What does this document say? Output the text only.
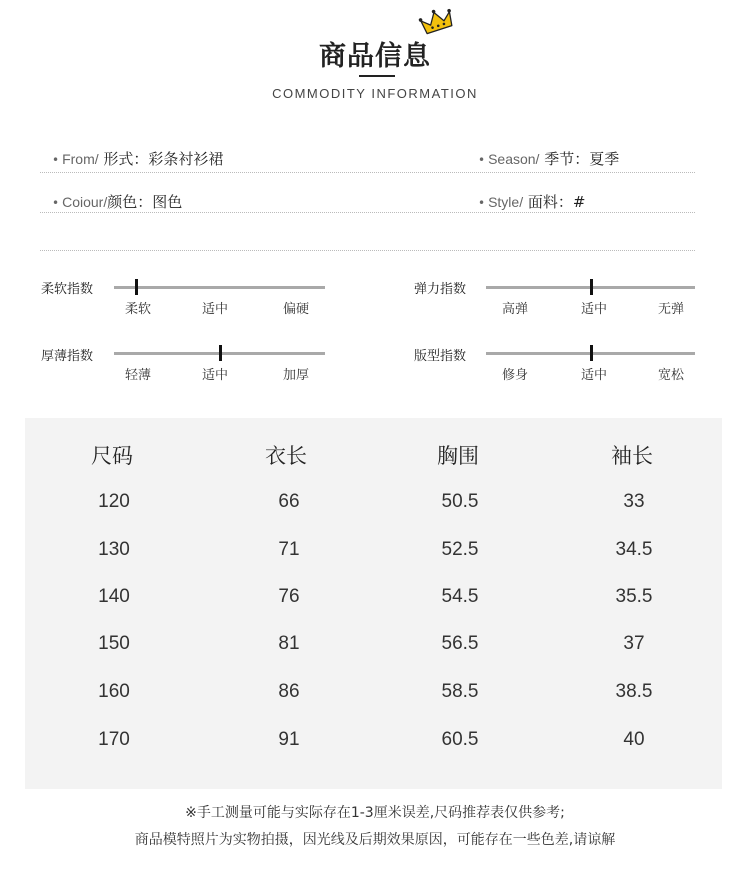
商品信息
COMMODITY INFORMATION
• From/ 形式：彩条衬衫裙	• Season/ 季节：夏季
• Coiour/颜色：图色	• Style/ 面料：#
柔软指数
柔软	适中	偏硬
弹力指数
高弹	适中	无弹
厚薄指数
轻薄	适中	加厚
版型指数
修身	适中	宽松
尺码	衣长	胸围	袖长
120	66	50.5	33
130	71	52.5	34.5
140	76	54.5	35.5
150	81	56.5	37
160	86	58.5	38.5
170	91	60.5	40
※手工测量可能与实际存在1-3厘米误差,尺码推荐表仅供参考;
商品模特照片为实物拍摄，因光线及后期效果原因，可能存在一些色差,请谅解
